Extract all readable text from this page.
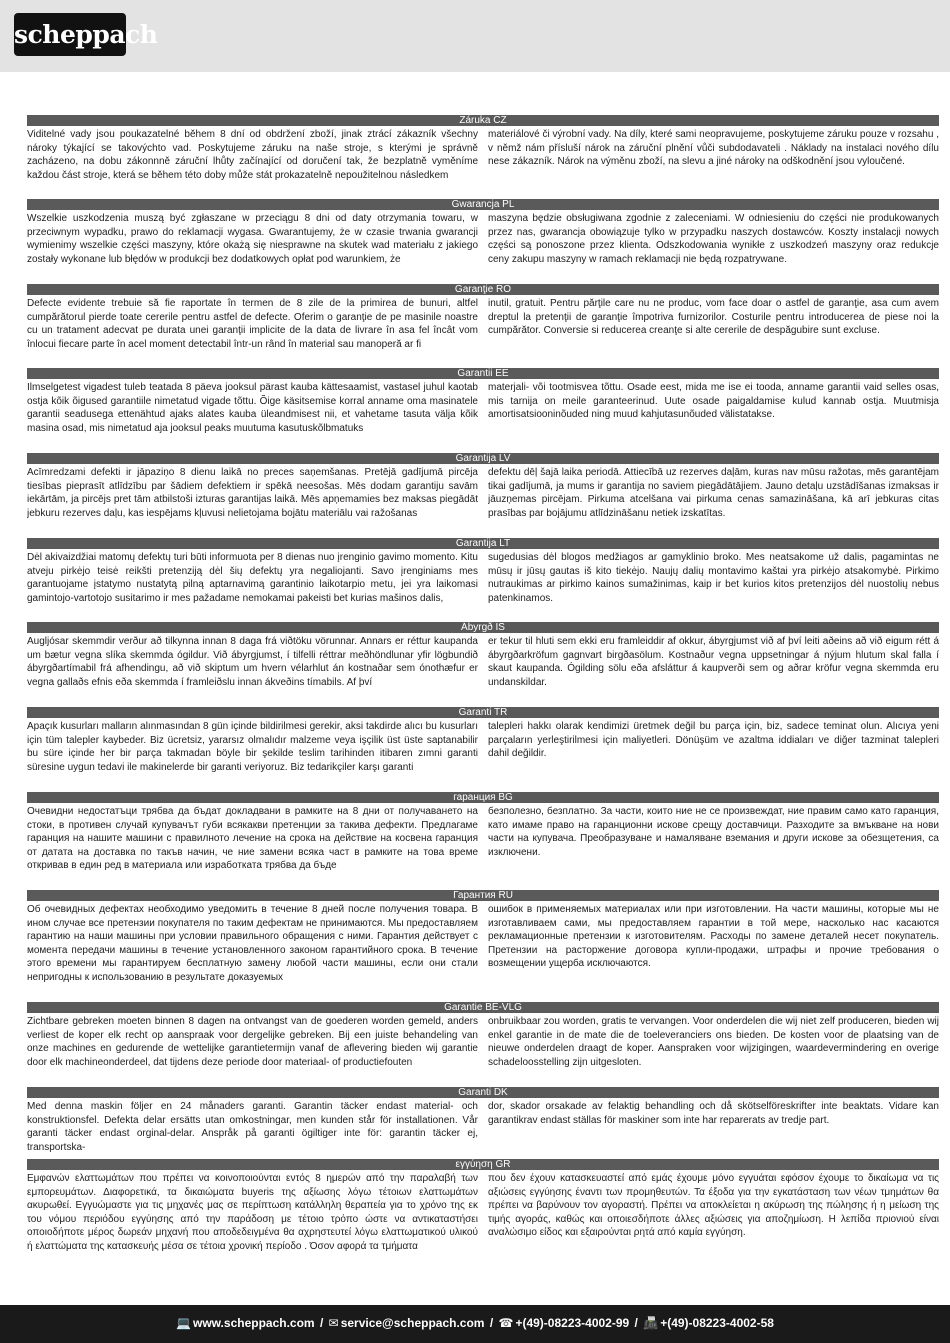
scheppach
Záruka CZ
Viditelné vady jsou poukazatelné během 8 dní od obdržení zboží, jinak ztrácí zákazník všechny nároky týkající se takovýchto vad. Poskytujeme záruku na naše stroje, s kterými je správně zacházeno, na dobu zákonnně záruční lhůty začínající od doručení tak, že bezplatně vyměníme každou část stroje, která se během této doby může stát prokazatelně nepoužitelnou následkem
materiálové či výrobní vady. Na díly, které sami neopravujeme, poskytujeme záruku pouze v rozsahu , v němž nám přísluší nárok na záruční plnění vůči subdodavateli . Náklady na instalaci nového dílu nese zákazník. Nárok na výměnu zboží, na slevu a jiné nároky na odškodnění jsou vyloučené.
Gwarancja PL
Wszelkie uszkodzenia muszą być zgłaszane w przeciągu 8 dni od daty otrzymania towaru, w przeciwnym wypadku, prawo do reklamacji wygasa. Gwarantujemy, że w czasie trwania gwarancji wymienimy wszelkie części maszyny, które okażą się niesprawne na skutek wad materiału z jakiego zostały wykonane lub błędów w produkcji bez dodatkowych opłat pod warunkiem, że
maszyna będzie obsługiwana zgodnie z zaleceniami. W odniesieniu do części nie produkowanych przez nas, gwarancja obowiązuje tylko w przypadku naszych dostawców. Koszty instalacji nowych części są ponoszone przez klienta. Odszkodowania wynikłe z uszkodzeń maszyny oraz redukcje ceny zakupu maszyny w ramach reklamacji nie będą rozpatrywane.
Garanţie RO
Defecte evidente trebuie să fie raportate în termen de 8 zile de la primirea de bunuri, altfel cumpărătorul pierde toate cererile pentru astfel de defecte. Oferim o garanţie de pe masinile noastre cu un tratament adecvat pe durata unei garanţii implicite de la data de livrare în asa fel încât vom înlocui fiecare parte în acel moment detectabil într-un rând în material sau manoperă ar fi
inutil, gratuit. Pentru părţile care nu ne produc, vom face doar o astfel de garanţie, asa cum avem dreptul la pretenţii de garanţie împotriva furnizorilor. Costurile pentru introducerea de piese noi la cumpărător. Conversie si reducerea creanţe si alte cererile de despăgubire sunt excluse.
Garantii EE
Ilmselgetest vigadest tuleb teatada 8 päeva jooksul pärast kauba kättesaamist, vastasel juhul kaotab ostja kõik õigused garantiile nimetatud vigade tõttu. Õige käsitsemise korral anname oma masinatele garantii seadusega ettenähtud ajaks alates kauba üleandmisest nii, et vahetame tasuta välja kõik masina osad, mis nimetatud aja jooksul peaks muutuma kasutuskõlbmatuks
materjali- või tootmisvea tõttu. Osade eest, mida me ise ei tooda, anname garantii vaid selles osas, mis tarnija on meile garanteerinud. Uute osade paigaldamise kulud kannab ostja. Muutmisja amortisatsiooninõuded ning muud kahjutasunõuded välistatakse.
Garantija LV
Acīmredzami defekti ir jāpaziņo 8 dienu laikā no preces saņemšanas. Pretējā gadījumā pircēja tiesības pieprasīt atlīdzību par šādiem defektiem ir spēkā neesošas. Mēs dodam garantiju savām iekārtām, ja pircējs pret tām atbilstoši izturas garantijas laikā. Mēs apņemamies bez maksas piegādāt jebkuru rezerves daļu, kas iespējams kļuvusi nelietojama bojātu materiālu vai ražošanas
defektu dēļ šajā laika periodā. Attiecībā uz rezerves daļām, kuras nav mūsu ražotas, mēs garantējam tikai gadījumā, ja mums ir garantija no saviem piegādātājiem. Jauno detaļu uzstādīšanas izmaksas ir jāuzņemas pircējam. Pirkuma atcelšana vai pirkuma cenas samazināšana, kā arī jebkuras citas prasības par bojājumu atlīdzināšanu netiek izskatītas.
Garantija LT
Dėl akivaizdžiai matomų defektų turi būti informuota per 8 dienas nuo įrenginio gavimo momento. Kitu atveju pirkėjo teisė reikšti pretenziją dėl šių defektų yra negaliojanti. Savo įrenginiams mes garantuojame įstatymo nustatytą pilną aptarnavimą garantinio laikotarpio metu, jei yra laikomasi gamintojo-vartotojo susitarimo ir mes pažadame nemokamai pakeisti bet kurias mašinos dalis,
sugedusias dėl blogos medžiagos ar gamyklinio broko. Mes neatsakome už dalis, pagamintas ne mūsų ir jūsų gautas iš kito tiekėjo. Naujų dalių montavimo kaštai yra pirkėjo atsakomybė. Pirkimo nutraukimas ar pirkimo kainos sumažinimas, kaip ir bet kurios kitos pretenzijos dėl nuostolių nebus patenkinamos.
Ábyrgð IS
Augljósar skemmdir verður að tilkynna innan 8 daga frá viðtöku vörunnar. Annars er réttur kaupanda um bætur vegna slíka skemmda ógildur. Við ábyrgjumst, í tilfelli réttrar meðhöndlunar yfir lögbundið ábyrgðartímabil frá afhendingu, að við skiptum um hvern vélarhlut án kostnaðar sem ónothæfur er vegna gallaðs efnis eða skemmda í framleiðslu innan ákveðins tímabils. Af því
er tekur til hluti sem ekki eru framleiddir af okkur, ábyrgjumst við af því leiti aðeins að við eigum rétt á ábyrgðarkröfum gagnvart birgðasölum. Kostnaður vegna uppsetningar á nýjum hlutum skal falla í skaut kaupanda. Ógilding sölu eða afsláttur á kaupverði sem og aðrar kröfur vegna skemmda eru undanskildar.
Garanti TR
Apaçık kusurları malların alınmasından 8 gün içinde bildirilmesi gerekir, aksi takdirde alıcı bu kusurları için tüm talepler kaybeder. Biz ücretsiz, yararsız olmalıdır malzeme veya işçilik üst üste saptanabilir bu süre içinde her bir parça takmadan böyle bir şekilde teslim tarihinden itibaren zımni garanti süresine uygun tedavi ile makinelerde bir garanti veriyoruz. Biz tedarikçiler karşı garanti
talepleri hakkı olarak kendimizi üretmek değil bu parça için, biz, sadece teminat olun. Alıcıya yeni parçaların yerleştirilmesi için maliyetleri. Dönüşüm ve azaltma iddiaları ve diğer tazminat talepleri dahil değildir.
гаранция BG
Очевидни недостатъци трябва да бъдат докладвани в рамките на 8 дни от получаването на стоки, в противен случай купувачът губи всякакви претенции за такива дефекти. Предлагаме гаранция на нашите машини с правилното лечение на срока на действие на косвена гаранция от датата на доставка по такъв начин, че ние замени всяка част в рамките на това време откривав в един ред в материала или изработката трябва да бъде
безполезно, безплатно. За части, които ние не се произвеждат, ние правим само като гаранция, като имаме право на гаранционни искове срещу доставчици. Разходите за вмъкване на нови части на купувача. Преобразуване и намаляване вземания и други искове за обезщетения, са изключени.
Гарантия RU
Об очевидных дефектах необходимо уведомить в течение 8 дней после получения товара. В ином случае все претензии покупателя по таким дефектам не принимаются. Мы предоставляем гарантию на наши машины при условии правильного обращения с ними. Гарантия действует с момента передачи машины в течение установленного законом гарантийного срока. В течение этого времени мы гарантируем бесплатную замену любой части машины, если они стали непригодны к использованию в результате доказуемых
ошибок в применяемых материалах или при изготовлении. На части машины, которые мы не изготавливаем сами, мы предоставляем гарантии в той мере, насколько нас касаются рекламационные претензии к изготовителям. Расходы по замене деталей несет покупатель. Претензии на расторжение договора купли-продажи, штрафы и прочие требования о возмещении ущерба исключаются.
Garantie BE-VLG
Zichtbare gebreken moeten binnen 8 dagen na ontvangst van de goederen worden gemeld, anders verliest de koper elk recht op aanspraak voor dergelijke gebreken. Bij een juiste behandeling van onze machines en gedurende de wettelijke garantietermijn vanaf de aflevering bieden wij garantie door elk machineonderdeel, dat tijdens deze periode door materiaal- of productiefouten
onbruikbaar zou worden, gratis te vervangen. Voor onderdelen die wij niet zelf produceren, bieden wij enkel garantie in de mate die de toeleveranciers ons bieden. De kosten voor de plaatsing van de nieuwe onderdelen draagt de koper. Aanspraken voor wijzigingen, waardevermindering en overige schadeloosstelling zijn uitgesloten.
Garanti DK
Med denna maskin följer en 24 månaders garanti. Garantin täcker endast material- och konstruktionsfel. Defekta delar ersätts utan omkostningar, men kunden står för installationen. Vår garanti täcker endast orginal-delar. Anspråk på garanti ögiltiger inte för: garantin täcker ej, transportska-
dor, skador orsakade av felaktig behandling och då skötselföreskrifter inte beaktats. Vidare kan garantikrav endast ställas för maskiner som inte har reparerats av tredje part.
εγγύηση GR
Εμφανών ελαττωμάτων που πρέπει να κοινοποιούνται εντός 8 ημερών από την παραλαβή των εμπορευμάτων. Διαφορετικά, τα δικαιώματα buyeris της αξίωσης λόγω τέτοιων ελαττωμάτων ακυρωθεί. Εγγυώμαστε για τις μηχανές μας σε περίπτωση κατάλληλη θεραπεία για το χρόνο της εκ του νόμου περιόδου εγγύησης από την παράδοση με τέτοιο τρόπο ώστε να αντικαταστήσει οποιοδήποτε μέρος δωρεάν μηχανή που αποδεδειγμένα θα αχρηστευτεί λόγω ελαττωματικού υλικού ή ελαττώματα της κατασκευής μέσα σε τέτοια χρονική περίοδο . Όσον αφορά τα τμήματα
που δεν έχουν κατασκευαστεί από εμάς έχουμε μόνο εγγυάται εφόσον έχουμε το δικαίωμα να τις αξιώσεις εγγύησης έναντι των προμηθευτών. Τα έξοδα για την εγκατάσταση των νέων τμημάτων θα πρέπει να βαρύνουν τον αγοραστή. Πρέπει να αποκλείεται η ακύρωση της πώλησης ή η μείωση της τιμής αγοράς, καθώς και οποιεσδήποτε άλλες αξιώσεις για αποζημίωση. Η λεπίδα πριονιού είναι αναλώσιμο είδος και εξαιρούνται ρητά από καμία εγγύηση.
💻 www.scheppach.com / ✉ service@scheppach.com / ☎ +(49)-08223-4002-99 / 📠 +(49)-08223-4002-58
